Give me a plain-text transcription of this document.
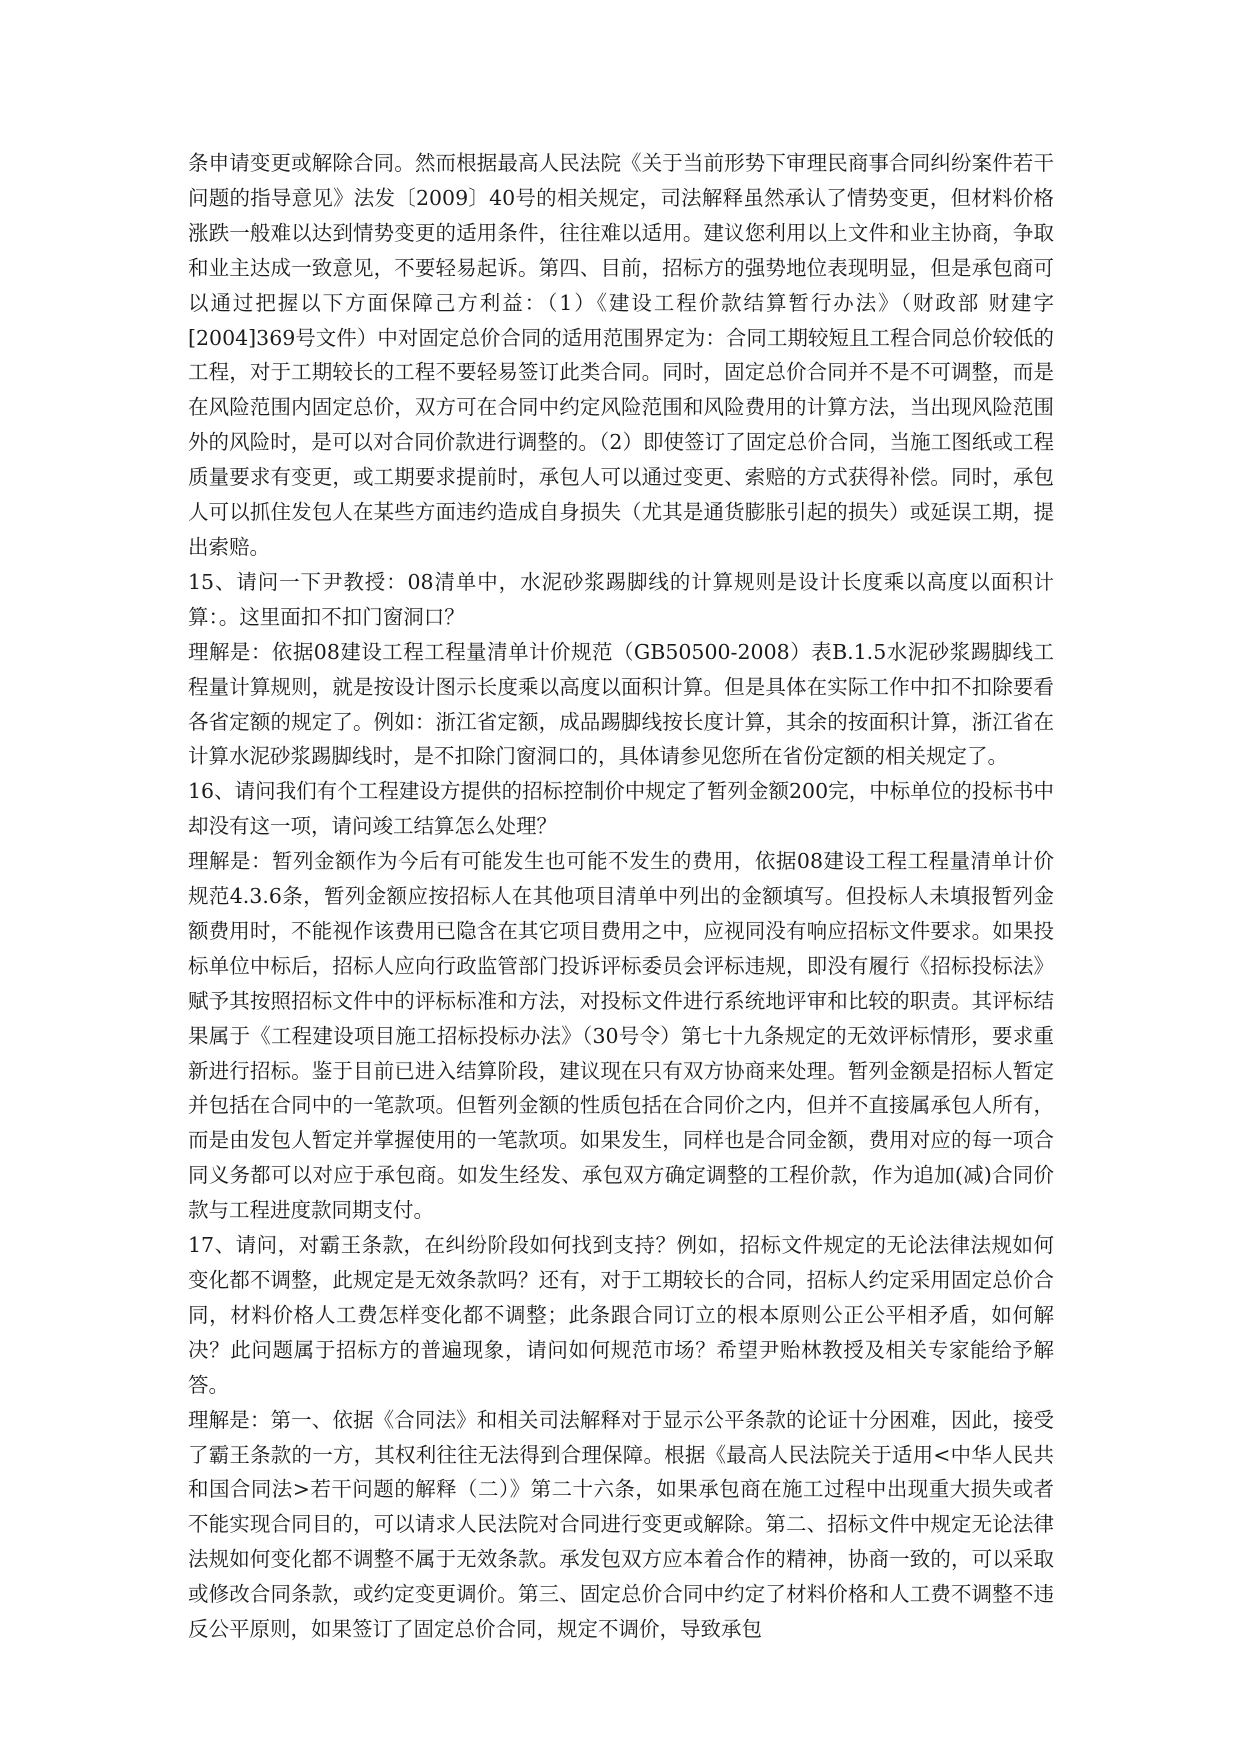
条申请变更或解除合同。然而根据最高人民法院《关于当前形势下审理民商事合同纠纷案件若干问题的指导意见》法发〔2009〕40号的相关规定，司法解释虽然承认了情势变更，但材料价格涨跌一般难以达到情势变更的适用条件，往往难以适用。建议您利用以上文件和业主协商，争取和业主达成一致意见，不要轻易起诉。第四、目前，招标方的强势地位表现明显，但是承包商可以通过把握以下方面保障己方利益：（1）《建设工程价款结算暂行办法》（财政部 财建字[2004]369号文件）中对固定总价合同的适用范围界定为：合同工期较短且工程合同总价较低的工程，对于工期较长的工程不要轻易签订此类合同。同时，固定总价合同并不是不可调整，而是在风险范围内固定总价，双方可在合同中约定风险范围和风险费用的计算方法，当出现风险范围外的风险时，是可以对合同价款进行调整的。（2）即使签订了固定总价合同，当施工图纸或工程质量要求有变更，或工期要求提前时，承包人可以通过变更、索赔的方式获得补偿。同时，承包人可以抓住发包人在某些方面违约造成自身损失（尤其是通货膨胀引起的损失）或延误工期，提出索赔。

15、请问一下尹教授：08清单中，水泥砂浆踢脚线的计算规则是设计长度乘以高度以面积计算：。这里面扣不扣门窗洞口？

理解是：依据08建设工程工程量清单计价规范（GB50500-2008）表B.1.5水泥砂浆踢脚线工程量计算规则，就是按设计图示长度乘以高度以面积计算。但是具体在实际工作中扣不扣除要看各省定额的规定了。例如：浙江省定额，成品踢脚线按长度计算，其余的按面积计算，浙江省在计算水泥砂浆踢脚线时，是不扣除门窗洞口的，具体请参见您所在省份定额的相关规定了。

16、请问我们有个工程建设方提供的招标控制价中规定了暂列金额200完，中标单位的投标书中却没有这一项，请问竣工结算怎么处理？

理解是：暂列金额作为今后有可能发生也可能不发生的费用，依据08建设工程工程量清单计价规范4.3.6条，暂列金额应按招标人在其他项目清单中列出的金额填写。但投标人未填报暂列金额费用时，不能视作该费用已隐含在其它项目费用之中，应视同没有响应招标文件要求。如果投标单位中标后，招标人应向行政监管部门投诉评标委员会评标违规，即没有履行《招标投标法》赋予其按照招标文件中的评标标准和方法，对投标文件进行系统地评审和比较的职责。其评标结果属于《工程建设项目施工招标投标办法》（30号令）第七十九条规定的无效评标情形，要求重新进行招标。鉴于目前已进入结算阶段，建议现在只有双方协商来处理。暂列金额是招标人暂定并包括在合同中的一笔款项。但暂列金额的性质包括在合同价之内，但并不直接属承包人所有，而是由发包人暂定并掌握使用的一笔款项。如果发生，同样也是合同金额，费用对应的每一项合同义务都可以对应于承包商。如发生经发、承包双方确定调整的工程价款，作为追加(减)合同价款与工程进度款同期支付。

17、请问，对霸王条款，在纠纷阶段如何找到支持？例如，招标文件规定的无论法律法规如何变化都不调整，此规定是无效条款吗？还有，对于工期较长的合同，招标人约定采用固定总价合同，材料价格人工费怎样变化都不调整；此条跟合同订立的根本原则公正公平相矛盾，如何解决？此问题属于招标方的普遍现象，请问如何规范市场？希望尹贻林教授及相关专家能给予解答。

理解是：第一、依据《合同法》和相关司法解释对于显示公平条款的论证十分困难，因此，接受了霸王条款的一方，其权利往往无法得到合理保障。根据《最高人民法院关于适用<中华人民共和国合同法>若干问题的解释（二）》第二十六条，如果承包商在施工过程中出现重大损失或者不能实现合同目的，可以请求人民法院对合同进行变更或解除。第二、招标文件中规定无论法律法规如何变化都不调整不属于无效条款。承发包双方应本着合作的精神，协商一致的，可以采取或修改合同条款，或约定变更调价。第三、固定总价合同中约定了材料价格和人工费不调整不违反公平原则，如果签订了固定总价合同，规定不调价，导致承包
